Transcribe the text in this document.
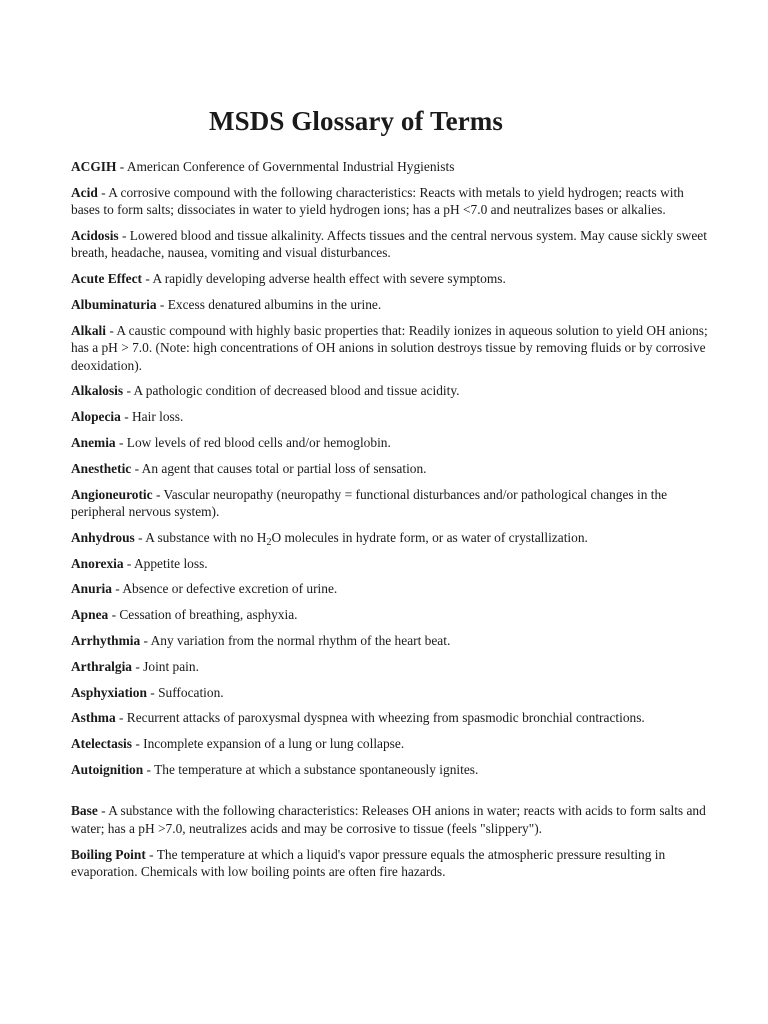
MSDS Glossary of Terms

ACGIH - American Conference of Governmental Industrial Hygienists

Acid - A corrosive compound with the following characteristics: Reacts with metals to yield hydrogen; reacts with bases to form salts; dissociates in water to yield hydrogen ions; has a pH <7.0 and neutralizes bases or alkalies.

Acidosis - Lowered blood and tissue alkalinity. Affects tissues and the central nervous system. May cause sickly sweet breath, headache, nausea, vomiting and visual disturbances.

Acute Effect - A rapidly developing adverse health effect with severe symptoms.

Albuminaturia - Excess denatured albumins in the urine.

Alkali - A caustic compound with highly basic properties that: Readily ionizes in aqueous solution to yield OH anions; has a pH > 7.0. (Note: high concentrations of OH anions in solution destroys tissue by removing fluids or by corrosive deoxidation).

Alkalosis - A pathologic condition of decreased blood and tissue acidity.

Alopecia - Hair loss.

Anemia - Low levels of red blood cells and/or hemoglobin.

Anesthetic - An agent that causes total or partial loss of sensation.

Angioneurotic - Vascular neuropathy (neuropathy = functional disturbances and/or pathological changes in the peripheral nervous system).

Anhydrous - A substance with no $H_2O$ molecules in hydrate form, or as water of crystallization.

Anorexia - Appetite loss.

Anuria - Absence or defective excretion of urine.

Apnea - Cessation of breathing, asphyxia.

Arrhythmia - Any variation from the normal rhythm of the heart beat.

Arthralgia - Joint pain.

Asphyxiation - Suffocation.

Asthma - Recurrent attacks of paroxysmal dyspnea with wheezing from spasmodic bronchial contractions.

Atelectasis - Incomplete expansion of a lung or lung collapse.

Autoignition - The temperature at which a substance spontaneously ignites.

Base - A substance with the following characteristics: Releases OH anions in water; reacts with acids to form salts and water; has a pH >7.0, neutralizes acids and may be corrosive to tissue (feels "slippery").

Boiling Point - The temperature at which a liquid's vapor pressure equals the atmospheric pressure resulting in evaporation. Chemicals with low boiling points are often fire hazards.
